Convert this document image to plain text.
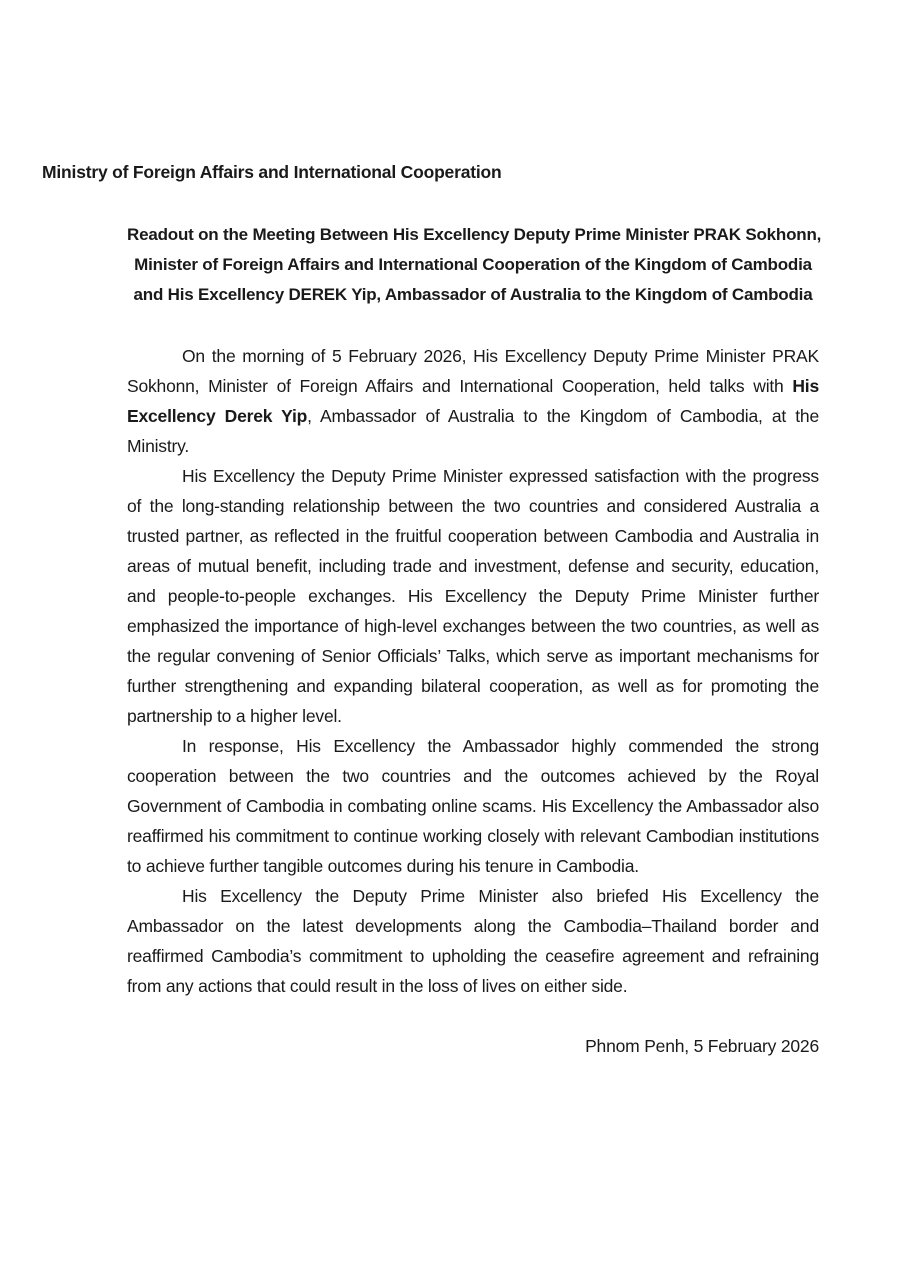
Ministry of Foreign Affairs and International Cooperation
Readout on the Meeting Between His Excellency Deputy Prime Minister PRAK Sokhonn,
Minister of Foreign Affairs and International Cooperation of the Kingdom of Cambodia
and His Excellency DEREK Yip, Ambassador of Australia to the Kingdom of Cambodia

On the morning of 5 February 2026, His Excellency Deputy Prime Minister PRAK Sokhonn, Minister of Foreign Affairs and International Cooperation, held talks with His Excellency Derek Yip, Ambassador of Australia to the Kingdom of Cambodia, at the Ministry.

His Excellency the Deputy Prime Minister expressed satisfaction with the progress of the long-standing relationship between the two countries and considered Australia a trusted partner, as reflected in the fruitful cooperation between Cambodia and Australia in areas of mutual benefit, including trade and investment, defense and security, education, and people-to-people exchanges. His Excellency the Deputy Prime Minister further emphasized the importance of high-level exchanges between the two countries, as well as the regular convening of Senior Officials’ Talks, which serve as important mechanisms for further strengthening and expanding bilateral cooperation, as well as for promoting the partnership to a higher level.

In response, His Excellency the Ambassador highly commended the strong cooperation between the two countries and the outcomes achieved by the Royal Government of Cambodia in combating online scams. His Excellency the Ambassador also reaffirmed his commitment to continue working closely with relevant Cambodian institutions to achieve further tangible outcomes during his tenure in Cambodia.

His Excellency the Deputy Prime Minister also briefed His Excellency the Ambassador on the latest developments along the Cambodia–Thailand border and reaffirmed Cambodia’s commitment to upholding the ceasefire agreement and refraining from any actions that could result in the loss of lives on either side.

Phnom Penh, 5 February 2026
